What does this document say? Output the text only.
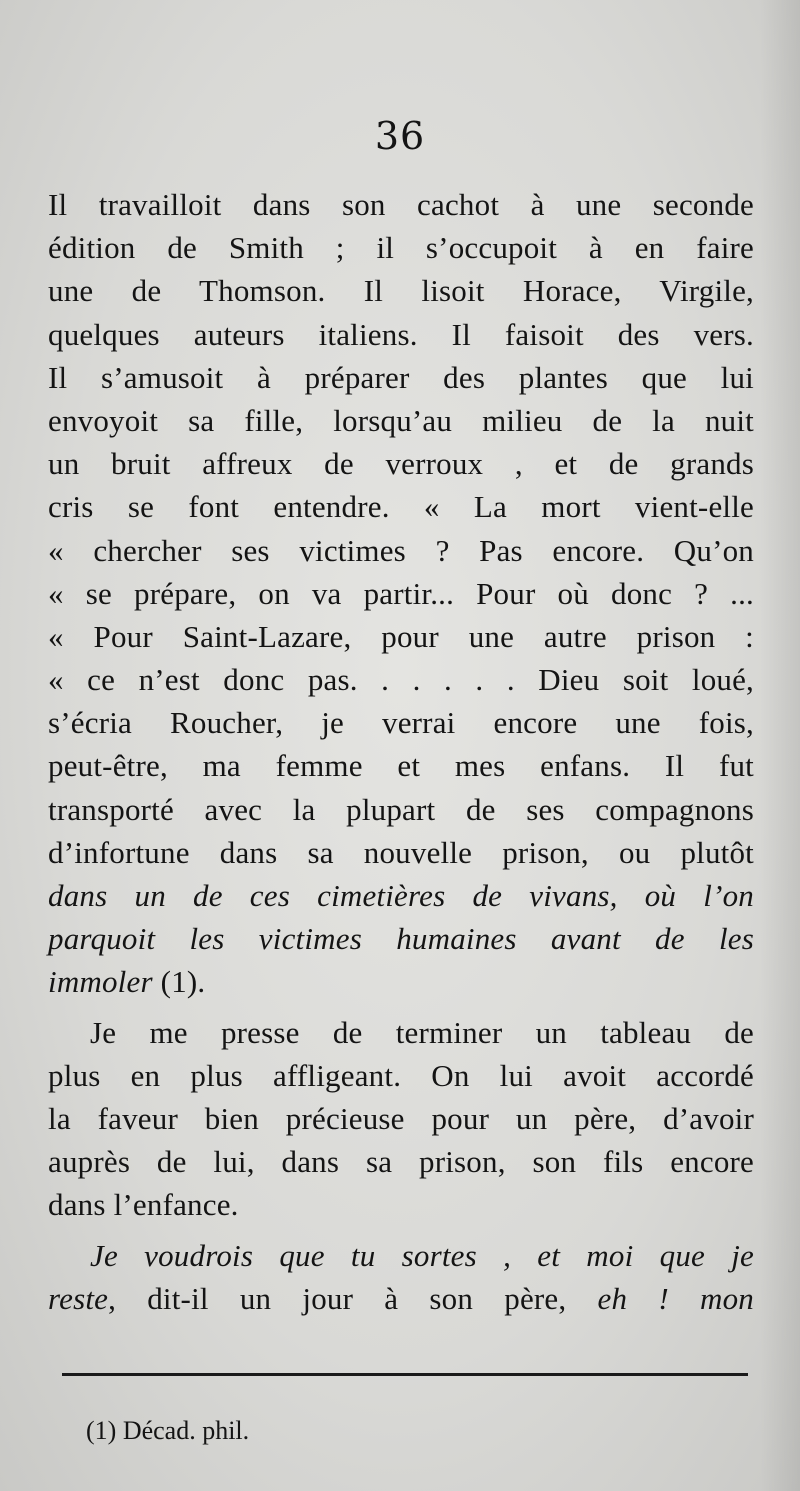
36
Il travailloit dans son cachot à une seconde
édition de Smith ; il s’occupoit à en faire
une de Thomson. Il lisoit Horace, Virgile,
quelques auteurs italiens. Il faisoit des vers.
Il s’amusoit à préparer des plantes que lui
envoyoit sa fille, lorsqu’au milieu de la nuit
un bruit affreux de verroux , et de grands
cris se font entendre. « La mort vient-elle
« chercher ses victimes ? Pas encore. Qu’on
« se prépare, on va partir... Pour où donc ? ...
« Pour Saint-Lazare, pour une autre prison :
« ce n’est donc pas. . . . . . Dieu soit loué,
s’écria Roucher, je verrai encore une fois,
peut-être, ma femme et mes enfans. Il fut
transporté avec la plupart de ses compagnons
d’infortune dans sa nouvelle prison, ou plutôt
dans un de ces cimetières de vivans, où l’on
parquoit les victimes humaines avant de les
immoler (1).
Je me presse de terminer un tableau de
plus en plus affligeant. On lui avoit accordé
la faveur bien précieuse pour un père, d’avoir
auprès de lui, dans sa prison, son fils encore
dans l’enfance.
Je voudrois que tu sortes , et moi que je
reste, dit-il un jour à son père, eh ! mon
(1) Décad. phil.
